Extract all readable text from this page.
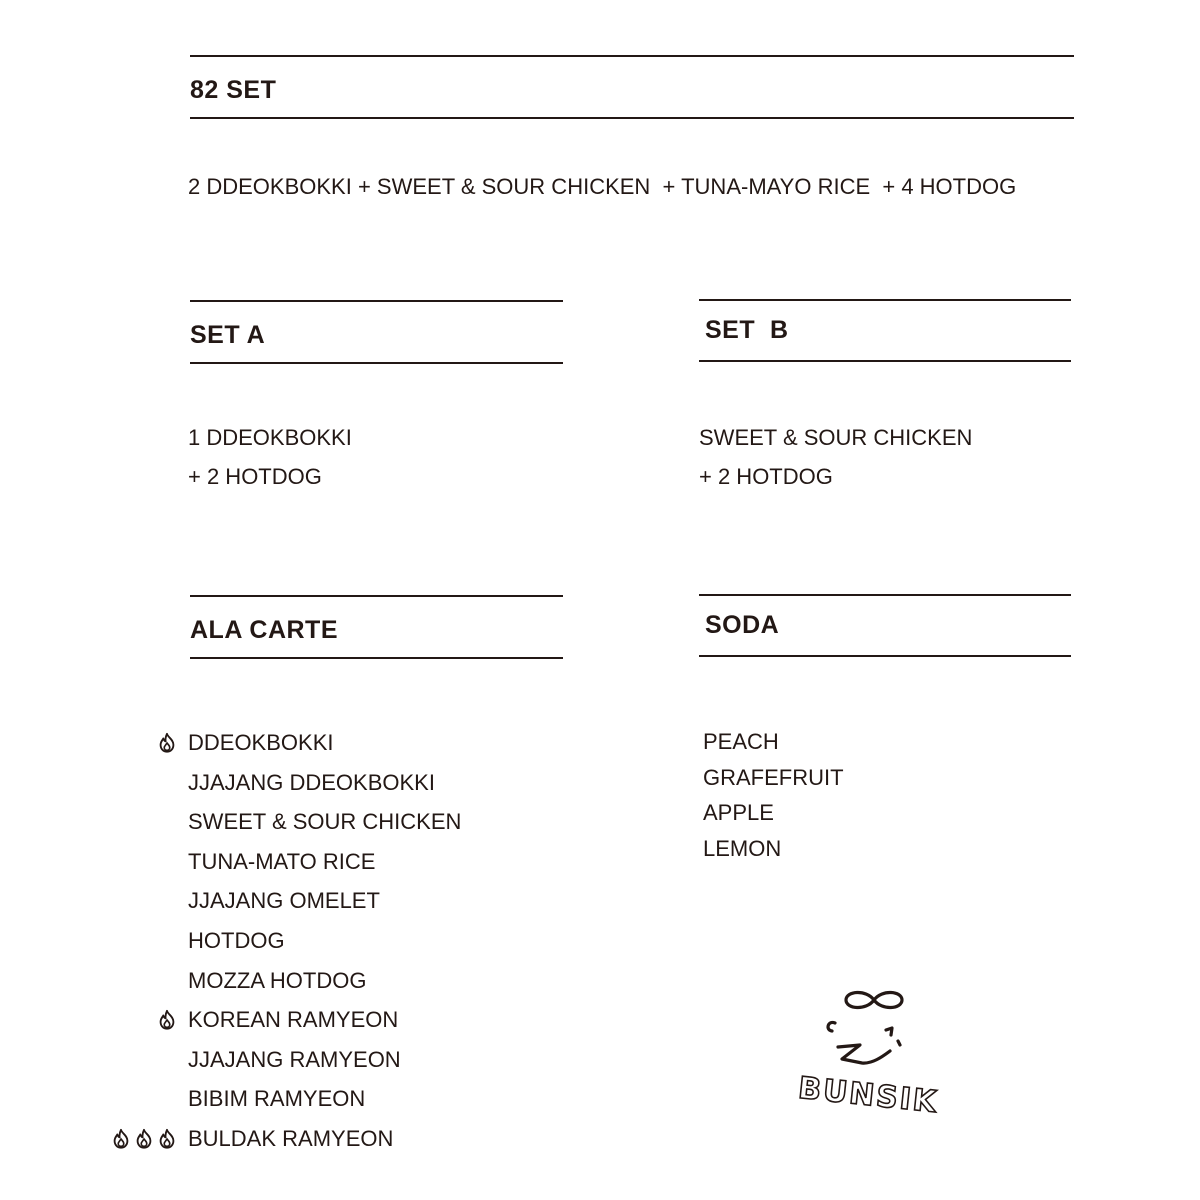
82 SET
2 DDEOKBOKKI + SWEET & SOUR CHICKEN  + TUNA-MAYO RICE  + 4 HOTDOG
SET A
1 DDEOKBOKKI
+ 2 HOTDOG
SET  B
SWEET & SOUR CHICKEN
+ 2 HOTDOG
ALA CARTE
DDEOKBOKKI
JJAJANG DDEOKBOKKI
SWEET & SOUR CHICKEN
TUNA-MATO RICE
JJAJANG OMELET
HOTDOG
MOZZA HOTDOG
KOREAN RAMYEON
JJAJANG RAMYEON
BIBIM RAMYEON
BULDAK RAMYEON
SODA
PEACH
GRAFEFRUIT
APPLE
LEMON
BUNSIK
